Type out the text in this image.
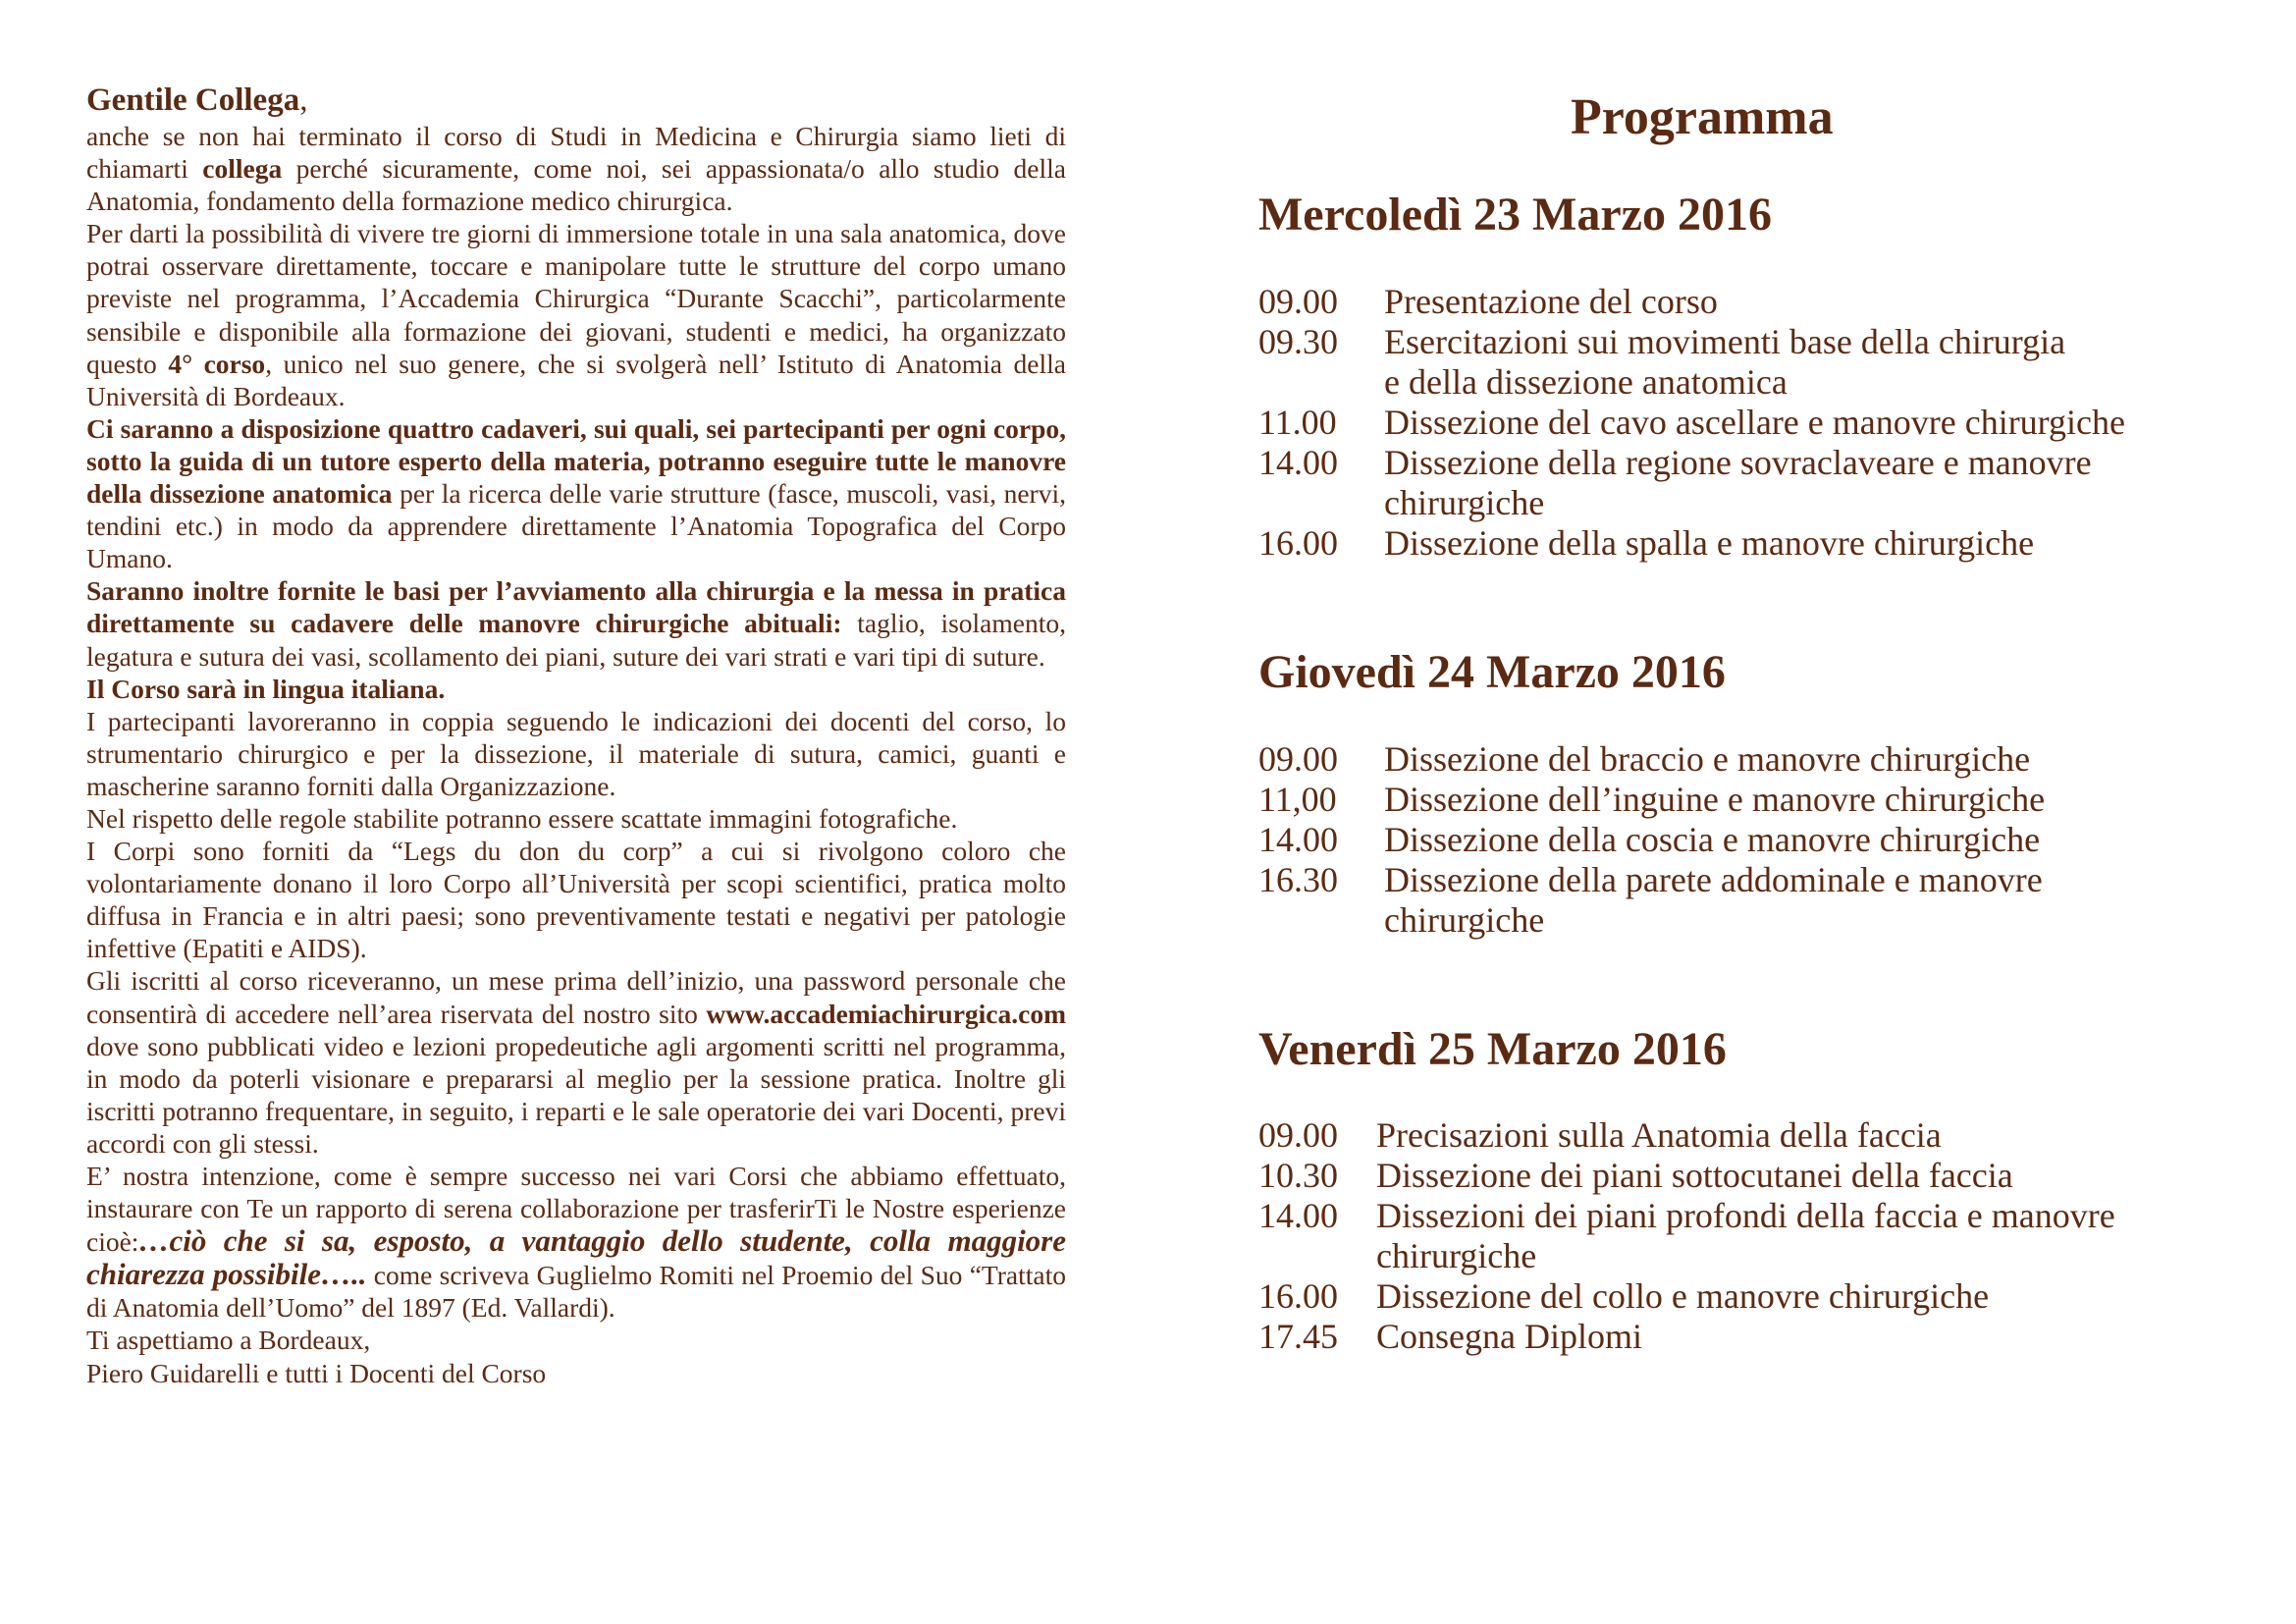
Gentile Collega,

anche se non hai terminato il corso di Studi in Medicina e Chirurgia siamo lieti di chiamarti collega perché sicuramente, come noi, sei appassionata/o allo studio della Anatomia, fondamento della formazione medico chirurgica.

Per darti la possibilità di vivere tre giorni di immersione totale in una sala anatomica, dove potrai osservare direttamente, toccare e manipolare tutte le strutture del corpo umano previste nel programma, l’Accademia Chirurgica “Durante Scacchi”, particolarmente sensibile e disponibile alla formazione dei giovani, studenti e medici, ha organizzato questo 4° corso, unico nel suo genere, che si svolgerà nell’ Istituto di Anatomia della Università di Bordeaux.

Ci saranno a disposizione quattro cadaveri, sui quali, sei partecipanti per ogni corpo, sotto la guida di un tutore esperto della materia, potranno eseguire tutte le manovre della dissezione anatomica per la ricerca delle varie strutture (fasce, muscoli, vasi, nervi, tendini etc.) in modo da apprendere direttamente l’Anatomia Topografica del Corpo Umano.

Saranno inoltre fornite le basi per l’avviamento alla chirurgia e la messa in pratica direttamente su cadavere delle manovre chirurgiche abituali: taglio, isolamento, legatura e sutura dei vasi, scollamento dei piani, suture dei vari strati e vari tipi di suture.

Il Corso sarà in lingua italiana.

I partecipanti lavoreranno in coppia seguendo le indicazioni dei docenti del corso, lo strumentario chirurgico e per la dissezione, il materiale di sutura, camici, guanti e mascherine saranno forniti dalla Organizzazione.

Nel rispetto delle regole stabilite potranno essere scattate immagini fotografiche.

I Corpi sono forniti da “Legs du don du corp” a cui si rivolgono coloro che volontariamente donano il loro Corpo all’Università per scopi scientifici, pratica molto diffusa in Francia e in altri paesi; sono preventivamente testati e negativi per patologie infettive (Epatiti e AIDS).

Gli iscritti al corso riceveranno, un mese prima dell’inizio, una password personale che consentirà di accedere nell’area riservata del nostro sito www.accademiachirurgica.com dove sono pubblicati video e lezioni propedeutiche agli argomenti scritti nel programma, in modo da poterli visionare e prepararsi al meglio per la sessione pratica. Inoltre gli iscritti potranno frequentare, in seguito, i reparti e le sale operatorie dei vari Docenti, previ accordi con gli stessi.

E’ nostra intenzione, come è sempre successo nei vari Corsi che abbiamo effettuato, instaurare con Te un rapporto di serena collaborazione per trasferirTi le Nostre esperienze cioè:…ciò che si sa, esposto, a vantaggio dello studente, colla maggiore chiarezza possibile….. come scriveva Guglielmo Romiti nel Proemio del Suo “Trattato di Anatomia dell’Uomo” del 1897 (Ed. Vallardi).

Ti aspettiamo a Bordeaux,

Piero Guidarelli e tutti i Docenti del Corso

Programma
Mercoledì 23 Marzo 2016
09.00 Presentazione del corso
09.30 Esercitazioni sui movimenti base della chirurgia
e della dissezione anatomica
11.00 Dissezione del cavo ascellare e manovre chirurgiche
14.00 Dissezione della regione sovraclaveare e manovre
chirurgiche
16.00 Dissezione della spalla e manovre chirurgiche
Giovedì 24 Marzo 2016
09.00 Dissezione del braccio e manovre chirurgiche
11,00 Dissezione dell’inguine e manovre chirurgiche
14.00 Dissezione della coscia e manovre chirurgiche
16.30 Dissezione della parete addominale e manovre
chirurgiche
Venerdì 25 Marzo 2016
09.00 Precisazioni sulla Anatomia della faccia
10.30 Dissezione dei piani sottocutanei della faccia
14.00 Dissezioni dei piani profondi della faccia e manovre
chirurgiche
16.00 Dissezione del collo e manovre chirurgiche
17.45 Consegna Diplomi
